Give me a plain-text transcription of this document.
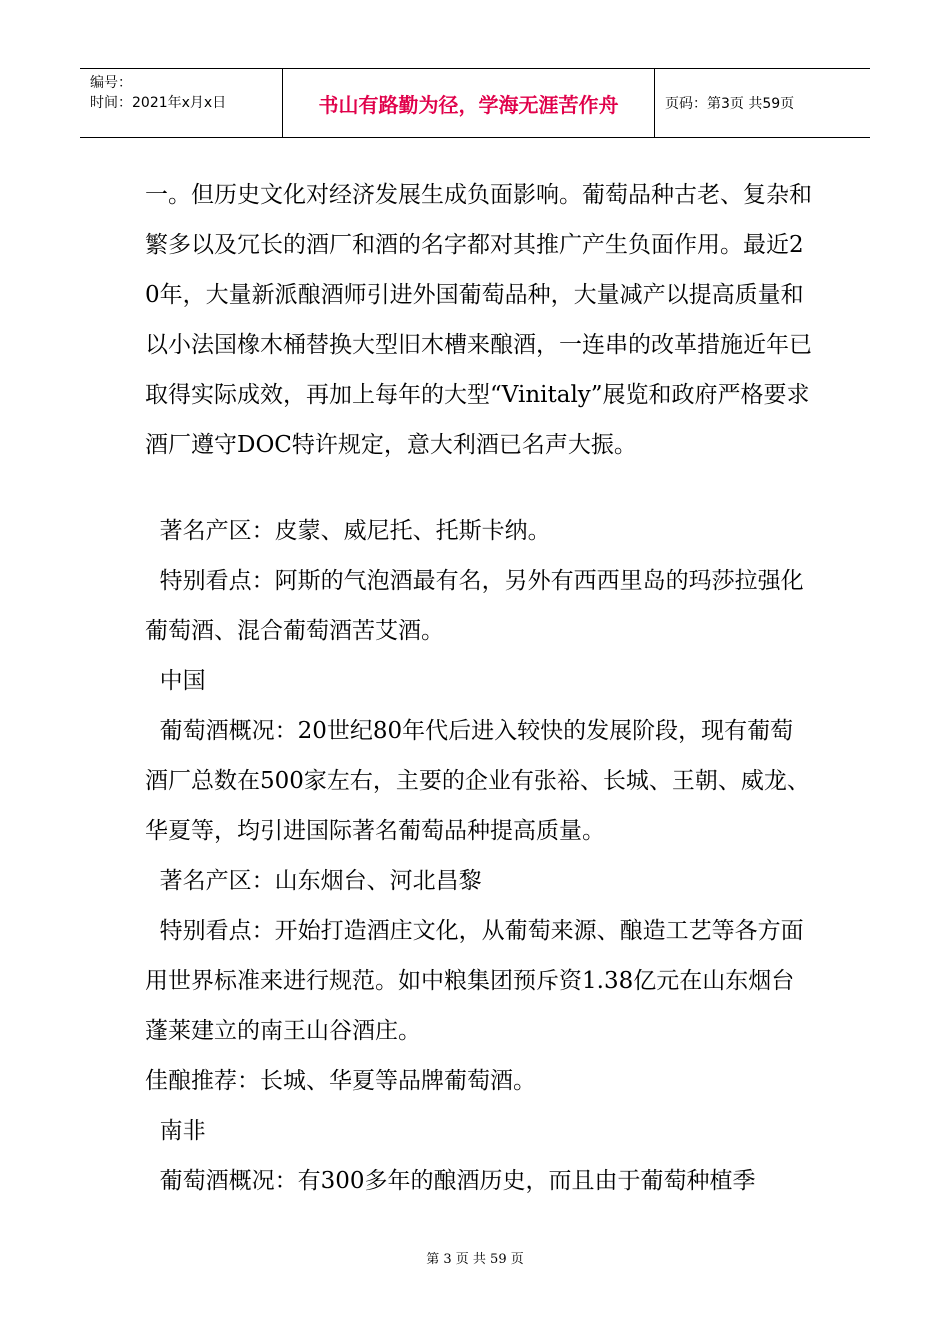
编号：
时间：2021年x月x日	书山有路勤为径，学海无涯苦作舟	页码：第3页 共59页

一。但历史文化对经济发展生成负面影响。葡萄品种古老、复杂和繁多以及冗长的酒厂和酒的名字都对其推广产生负面作用。最近20年，大量新派酿酒师引进外国葡萄品种，大量减产以提高质量和以小法国橡木桶替换大型旧木槽来酿酒，一连串的改革措施近年已取得实际成效，再加上每年的大型“Vinitaly”展览和政府严格要求酒厂遵守DOC特许规定，意大利酒已名声大振。

著名产区：皮蒙、威尼托、托斯卡纳。

特别看点：阿斯的气泡酒最有名，另外有西西里岛的玛莎拉强化葡萄酒、混合葡萄酒苦艾酒。

中国

葡萄酒概况：20世纪80年代后进入较快的发展阶段，现有葡萄酒厂总数在500家左右，主要的企业有张裕、长城、王朝、威龙、华夏等，均引进国际著名葡萄品种提高质量。

著名产区：山东烟台、河北昌黎

特别看点：开始打造酒庄文化，从葡萄来源、酿造工艺等各方面用世界标准来进行规范。如中粮集团预斥资1.38亿元在山东烟台蓬莱建立的南王山谷酒庄。

佳酿推荐：长城、华夏等品牌葡萄酒。

南非

葡萄酒概况：有300多年的酿酒历史，而且由于葡萄种植季

第 3 页 共 59 页
